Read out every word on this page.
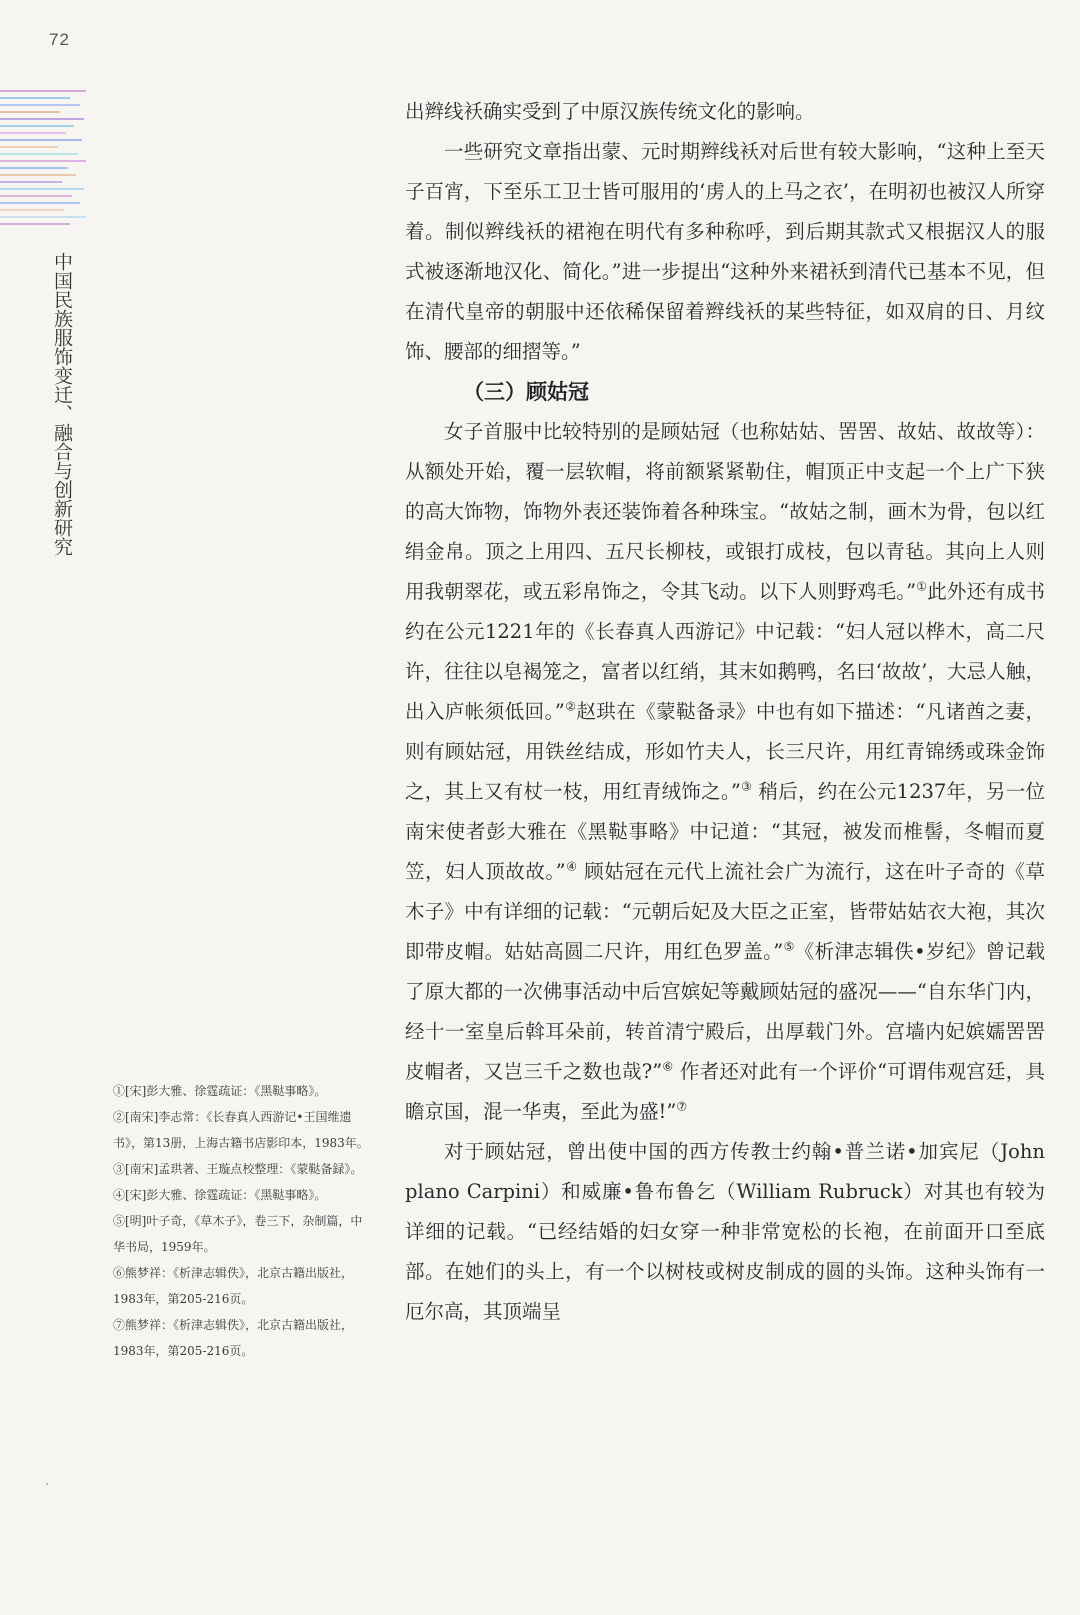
72
中国民族服饰变迁、融合与创新研究

出辫线袄确实受到了中原汉族传统文化的影响。

一些研究文章指出蒙、元时期辫线袄对后世有较大影响，“这种上至天子百宵，下至乐工卫士皆可服用的‘虏人的上马之衣’，在明初也被汉人所穿着。制似辫线袄的裙袍在明代有多种称呼，到后期其款式又根据汉人的服式被逐渐地汉化、简化。”进一步提出“这种外来裙袄到清代已基本不见，但在清代皇帝的朝服中还依稀保留着辫线袄的某些特征，如双肩的日、月纹饰、腰部的细摺等。”

（三）顾姑冠

女子首服中比较特别的是顾姑冠（也称姑姑、罟罟、故姑、故故等）：从额处开始，覆一层软帽，将前额紧紧勒住，帽顶正中支起一个上广下狭的高大饰物，饰物外表还装饰着各种珠宝。“故姑之制，画木为骨，包以红绢金帛。顶之上用四、五尺长柳枝，或银打成枝，包以青毡。其向上人则用我朝翠花，或五彩帛饰之，令其飞动。以下人则野鸡毛。”①此外还有成书约在公元1221年的《长春真人西游记》中记载：“妇人冠以桦木，高二尺许，往往以皂褐笼之，富者以红绡，其末如鹅鸭，名曰‘故故’，大忌人触，出入庐帐须低回。”②赵珙在《蒙鞑备录》中也有如下描述：“凡诸酋之妻，则有顾姑冠，用铁丝结成，形如竹夫人，长三尺许，用红青锦绣或珠金饰之，其上又有杖一枝，用红青绒饰之。”③ 稍后，约在公元1237年，另一位南宋使者彭大雅在《黑鞑事略》中记道：“其冠，被发而椎髻，冬帽而夏笠，妇人顶故故。”④ 顾姑冠在元代上流社会广为流行，这在叶子奇的《草木子》中有详细的记载：“元朝后妃及大臣之正室，皆带姑姑衣大袍，其次即带皮帽。姑姑高圆二尺许，用红色罗盖。”⑤《析津志辑佚•岁纪》曾记载了原大都的一次佛事活动中后宫嫔妃等戴顾姑冠的盛况——“自东华门内，经十一室皇后斡耳朵前，转首清宁殿后，出厚载门外。宫墙内妃嫔嬬罟罟皮帽者，又岂三千之数也哉?”⑥ 作者还对此有一个评价“可谓伟观宫廷，具瞻京国，混一华夷，至此为盛!”⑦

对于顾姑冠，曾出使中国的西方传教士约翰•普兰诺•加宾尼（John plano Carpini）和威廉•鲁布鲁乞（William Rubruck）对其也有较为详细的记载。“已经结婚的妇女穿一种非常宽松的长袍，在前面开口至底部。在她们的头上，有一个以树枝或树皮制成的圆的头饰。这种头饰有一厄尔高，其顶端呈

①[宋]彭大雅、徐霆疏证：《黑鞑事略》。

②[南宋]李志常：《长春真人西游记•王国维遗书》，第13册，上海古籍书店影印本，1983年。

③[南宋]孟珙著、王璇点校整理：《蒙鞑备録》。

④[宋]彭大雅、徐霆疏证：《黑鞑事略》。

⑤[明]叶子奇，《草木子》，卷三下，杂制篇，中华书局，1959年。

⑥熊梦祥：《析津志辑佚》，北京古籍出版社，1983年，第205-216页。

⑦熊梦祥：《析津志辑佚》，北京古籍出版社，1983年，第205-216页。
